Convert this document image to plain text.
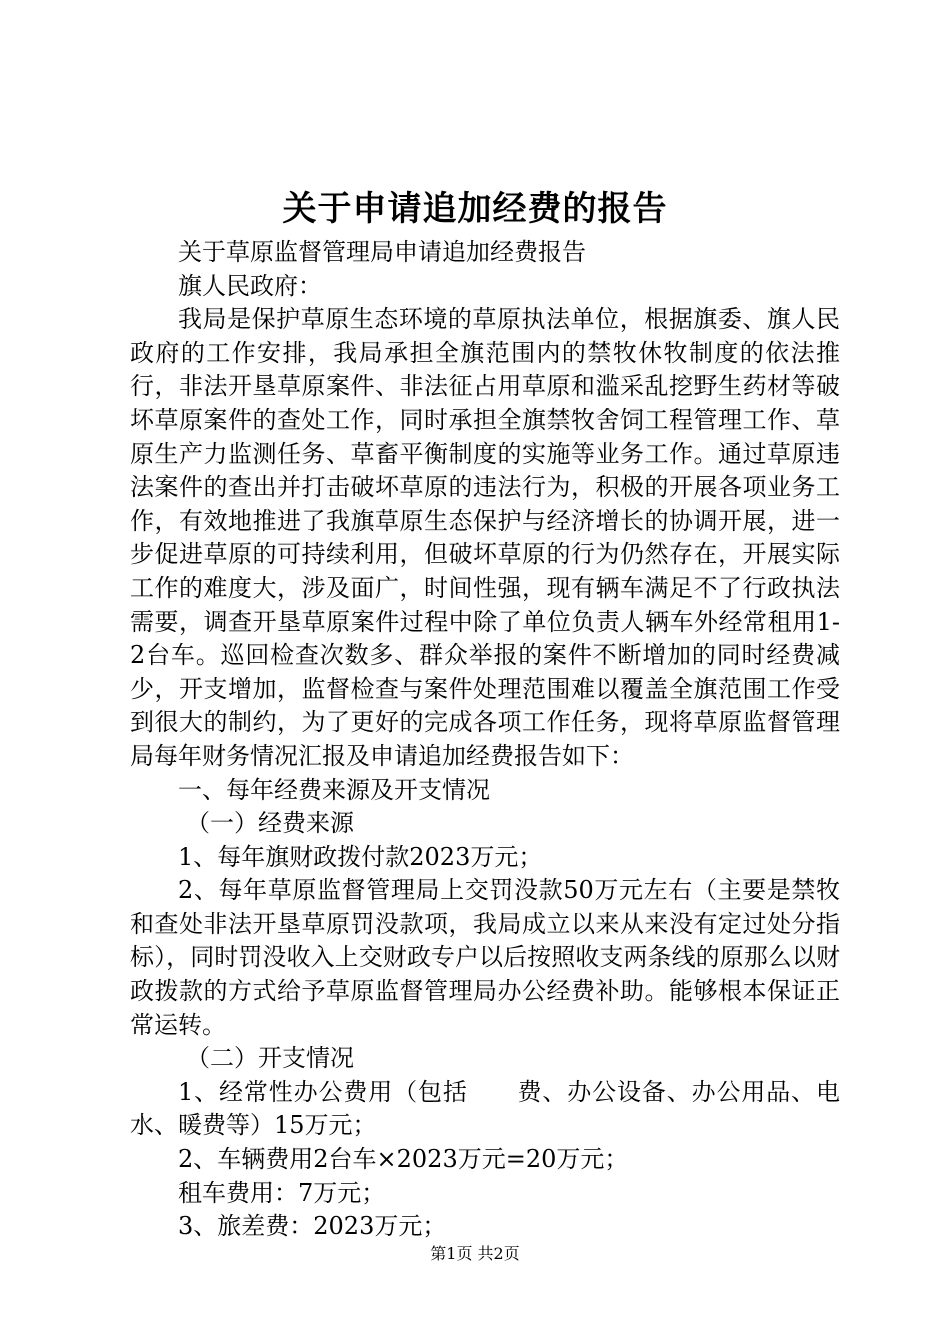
关于申请追加经费的报告

关于草原监督管理局申请追加经费报告

旗人民政府：

我局是保护草原生态环境的草原执法单位，根据旗委、旗人民政府的工作安排，我局承担全旗范围内的禁牧休牧制度的依法推行，非法开垦草原案件、非法征占用草原和滥采乱挖野生药材等破坏草原案件的查处工作，同时承担全旗禁牧舍饲工程管理工作、草原生产力监测任务、草畜平衡制度的实施等业务工作。通过草原违法案件的查出并打击破坏草原的违法行为，积极的开展各项业务工作，有效地推进了我旗草原生态保护与经济增长的协调开展，进一步促进草原的可持续利用，但破坏草原的行为仍然存在，开展实际工作的难度大，涉及面广，时间性强，现有辆车满足不了行政执法需要，调查开垦草原案件过程中除了单位负责人辆车外经常租用1-2台车。巡回检查次数多、群众举报的案件不断增加的同时经费减少，开支增加，监督检查与案件处理范围难以覆盖全旗范围工作受到很大的制约，为了更好的完成各项工作任务，现将草原监督管理局每年财务情况汇报及申请追加经费报告如下：

一、每年经费来源及开支情况

（一）经费来源

1、每年旗财政拨付款2023万元；

2、每年草原监督管理局上交罚没款50万元左右（主要是禁牧和查处非法开垦草原罚没款项，我局成立以来从来没有定过处分指标），同时罚没收入上交财政专户以后按照收支两条线的原那么以财政拨款的方式给予草原监督管理局办公经费补助。能够根本保证正常运转。

（二）开支情况

1、经常性办公费用（包括　　费、办公设备、办公用品、电水、暖费等）15万元；

2、车辆费用2台车×2023万元=20万元；

租车费用：7万元；

3、旅差费：2023万元；

第1页 共2页
